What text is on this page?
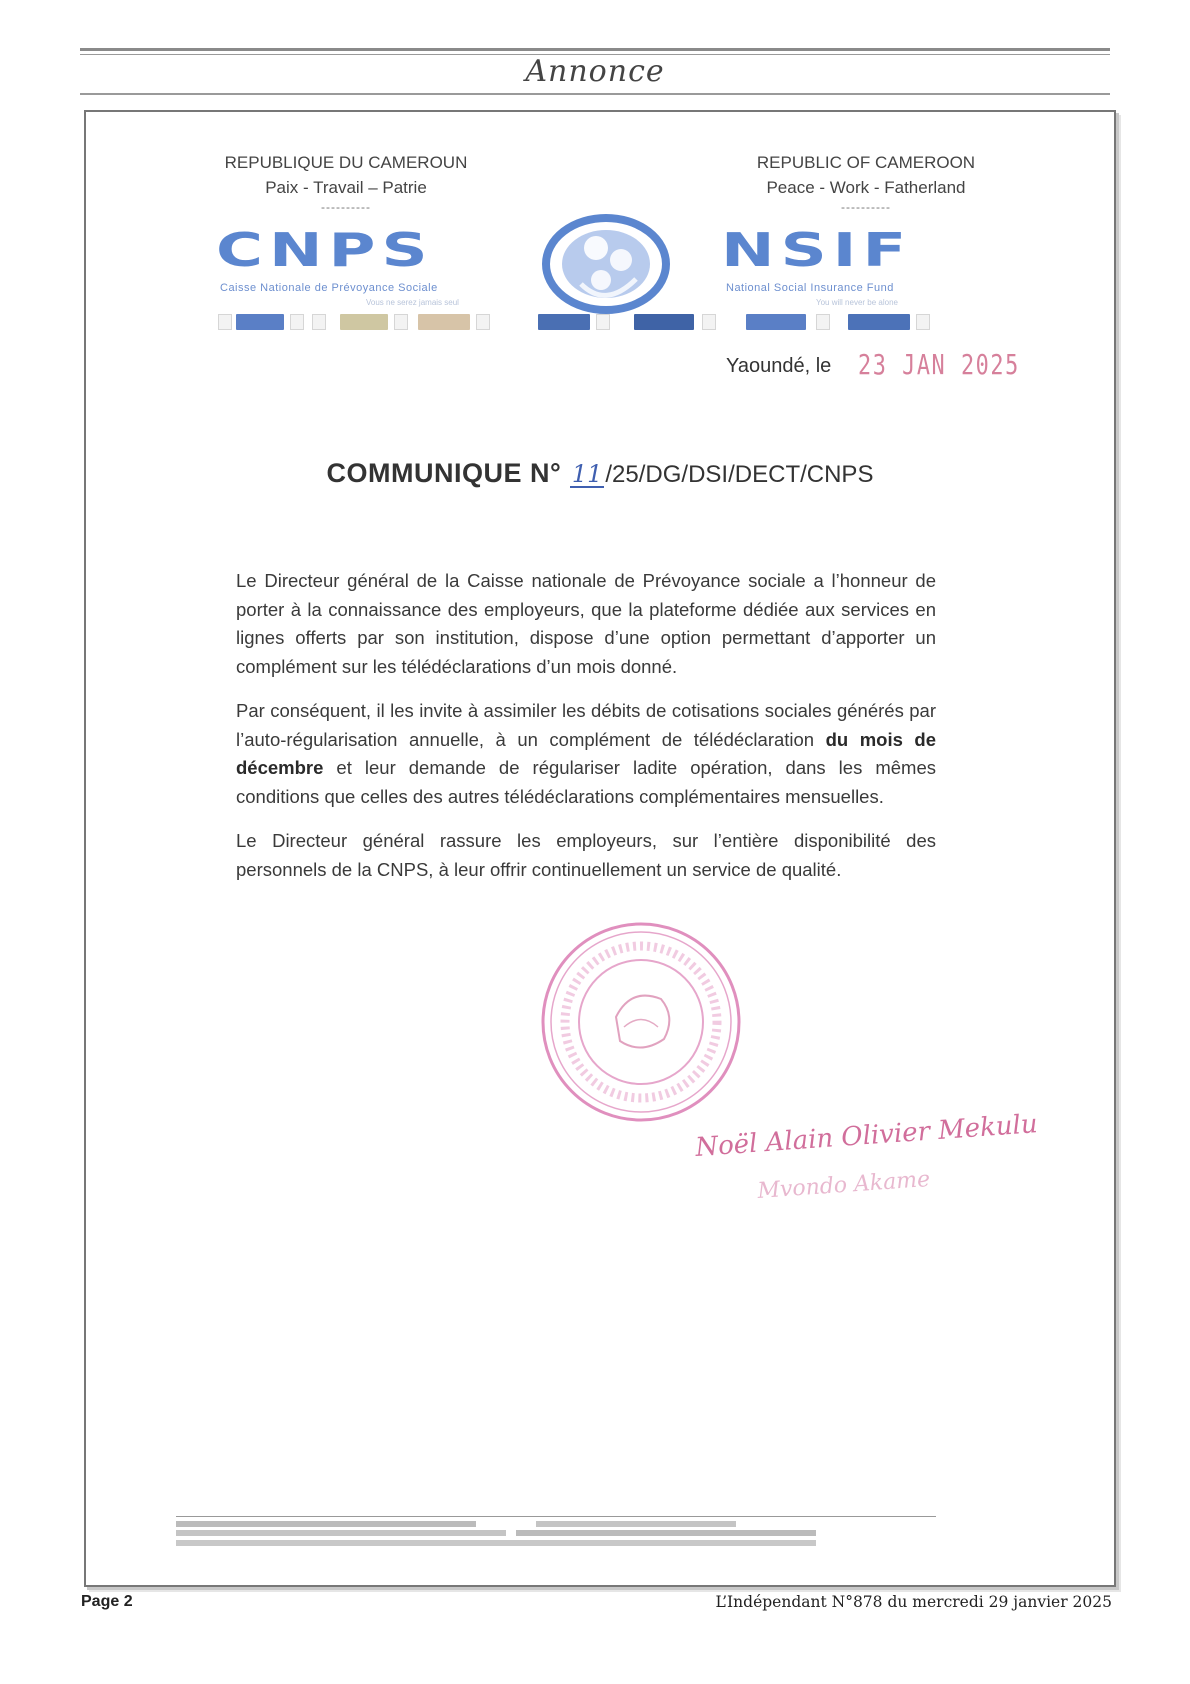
Annonce
REPUBLIQUE DU CAMEROUN
Paix - Travail – Patrie
----------
REPUBLIC OF CAMEROON
Peace - Work - Fatherland
----------
CNPS	NSIF
Caisse Nationale de Prévoyance Sociale	National Social Insurance Fund
Vous ne serez jamais seul	You will never be alone
Yaoundé, le 23 JAN 2025
COMMUNIQUE N° 11 /25/DG/DSI/DECT/CNPS

Le Directeur général de la Caisse nationale de Prévoyance sociale a l’honneur de porter à la connaissance des employeurs, que la plateforme dédiée aux services en lignes offerts par son institution, dispose d’une option permettant d’apporter un complément sur les télédéclarations d’un mois donné.

Par conséquent, il les invite à assimiler les débits de cotisations sociales générés par l’auto-régularisation annuelle, à un complément de télédéclaration du mois de décembre et leur demande de régulariser ladite opération, dans les mêmes conditions que celles des autres télédéclarations complémentaires mensuelles.

Le Directeur général rassure les employeurs, sur l’entière disponibilité des personnels de la CNPS, à leur offrir continuellement un service de qualité.

Noël Alain Olivier Mekulu
Mvondo Akame
Page 2	L’Indépendant N°878 du mercredi 29 janvier 2025
